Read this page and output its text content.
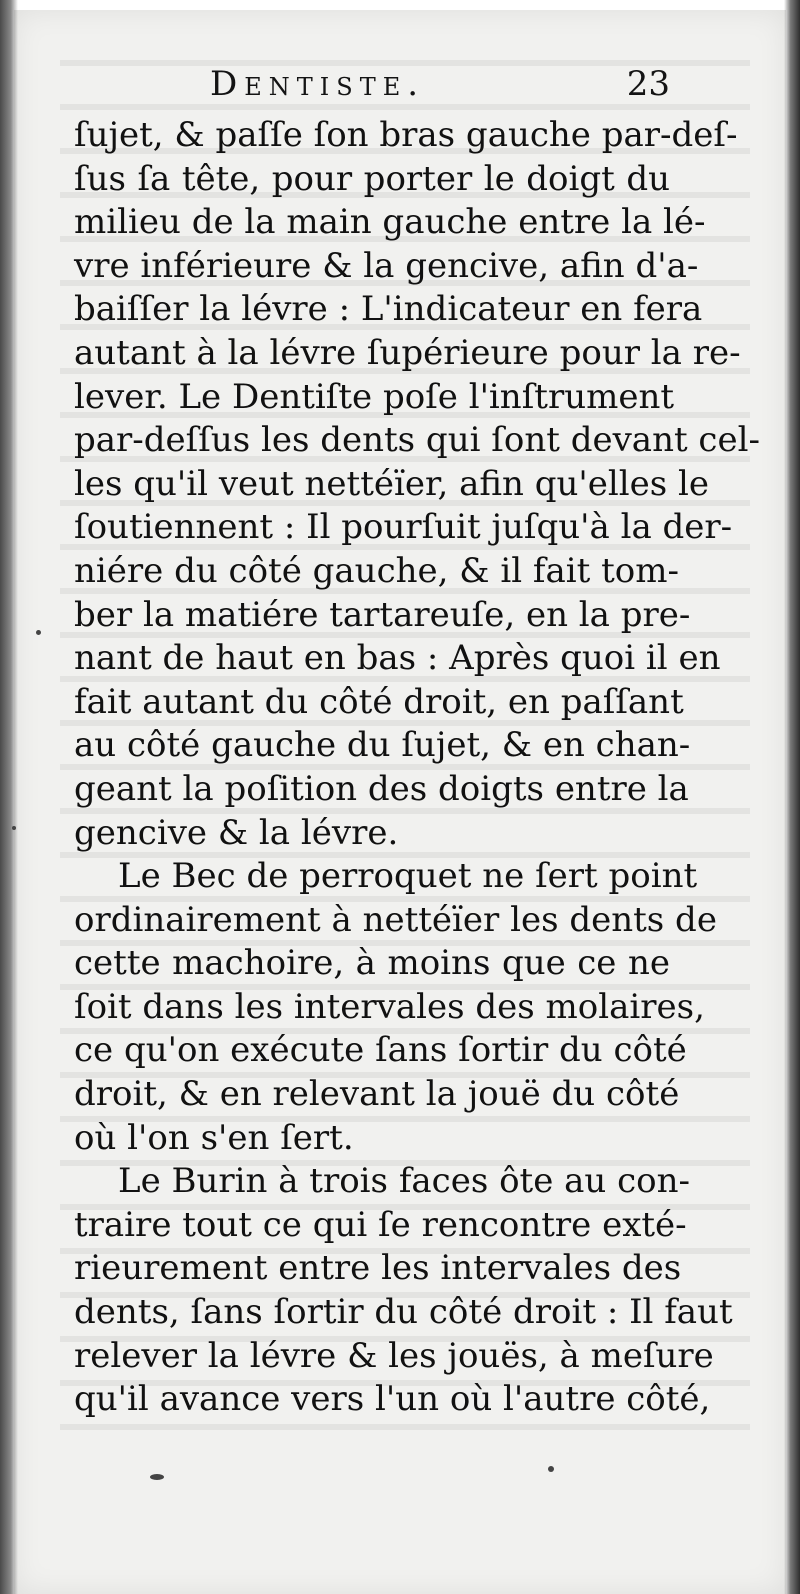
Dentiste.	23

ſujet, & paſſe ſon bras gauche par-deſ-
ſus ſa tête, pour porter le doigt du
milieu de la main gauche entre la lé-
vre inférieure & la gencive, afin d'a-
baiſſer la lévre : L'indicateur en fera
autant à la lévre ſupérieure pour la re-
lever. Le Dentiſte poſe l'inſtrument
par-deſſus les dents qui ſont devant cel-
les qu'il veut nettéïer, afin qu'elles le
ſoutiennent : Il pourſuit juſqu'à la der-
niére du côté gauche, & il fait tom-
ber la matiére tartareuſe, en la pre-
nant de haut en bas : Après quoi il en
fait autant du côté droit, en paſſant
au côté gauche du ſujet, & en chan-
geant la poſition des doigts entre la
gencive & la lévre.

Le Bec de perroquet ne ſert point
ordinairement à nettéïer les dents de
cette machoire, à moins que ce ne
ſoit dans les intervales des molaires,
ce qu'on exécute ſans ſortir du côté
droit, & en relevant la jouë du côté
où l'on s'en ſert.

Le Burin à trois faces ôte au con-
traire tout ce qui ſe rencontre exté-
rieurement entre les intervales des
dents, ſans ſortir du côté droit : Il faut
relever la lévre & les jouës, à meſure
qu'il avance vers l'un où l'autre côté,
